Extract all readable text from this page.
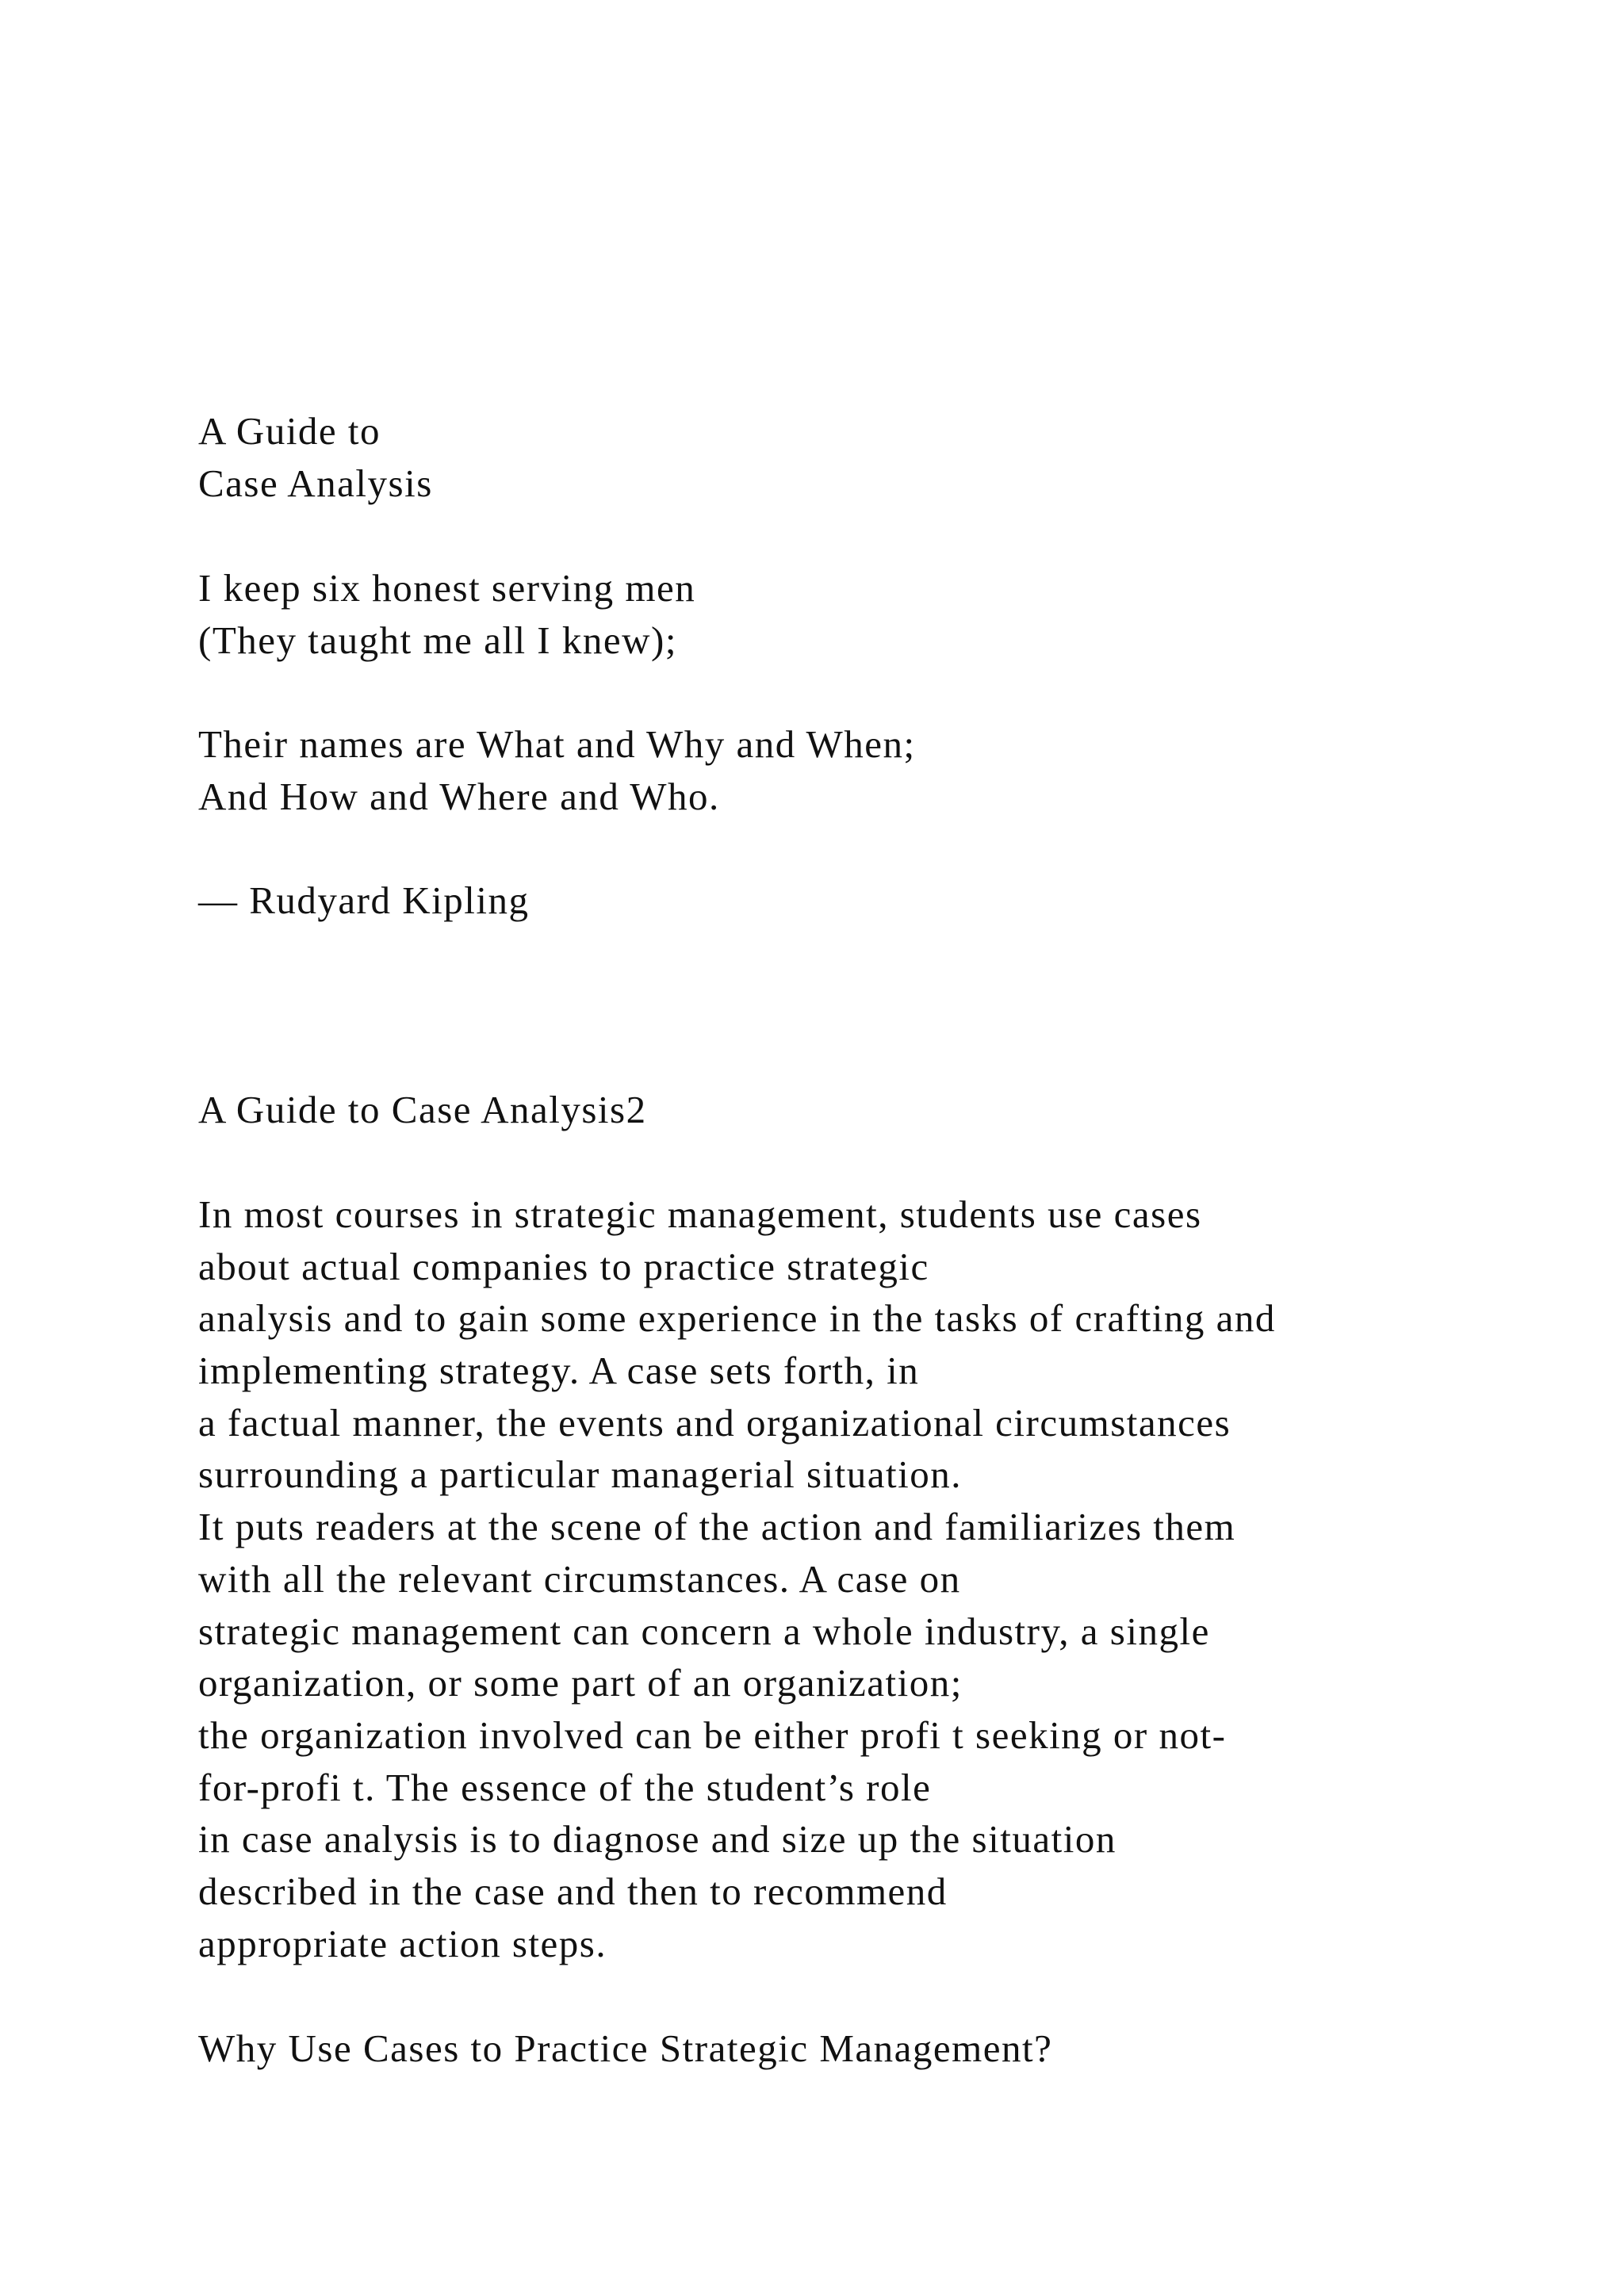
A Guide to
Case Analysis
I keep six honest serving men
(They taught me all I knew);
Their names are What and Why and When;
And How and Where and Who.
— Rudyard Kipling
A Guide to Case Analysis2
In most courses in strategic management, students use cases
about actual companies to practice strategic
analysis and to gain some experience in the tasks of crafting and
implementing strategy. A case sets forth, in
a factual manner, the events and organizational circumstances
surrounding a particular managerial situation.
It puts readers at the scene of the action and familiarizes them
with all the relevant circumstances. A case on
strategic management can concern a whole industry, a single
organization, or some part of an organization;
the organization involved can be either profi t seeking or not-
for-profi t. The essence of the student’s role
in case analysis is to diagnose and size up the situation
described in the case and then to recommend
appropriate action steps.
Why Use Cases to Practice Strategic Management?
